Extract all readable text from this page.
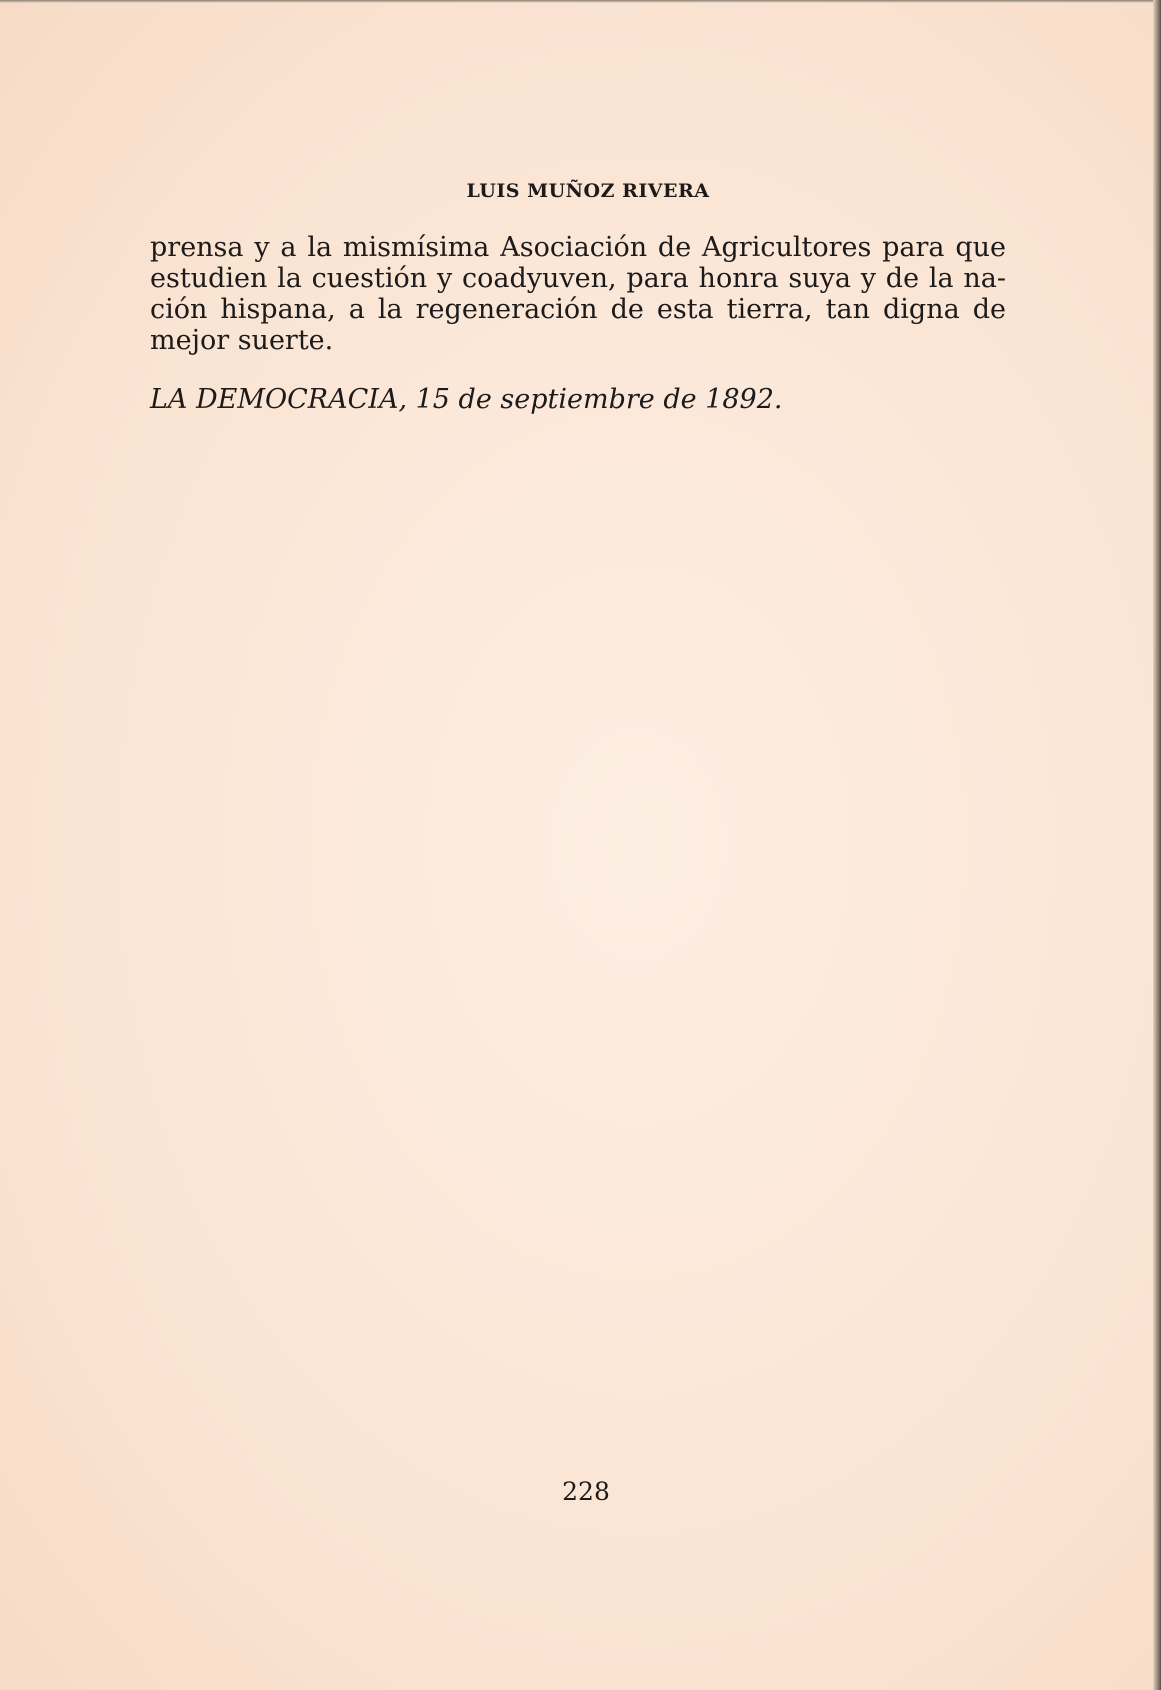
LUIS MUÑOZ RIVERA

prensa y a la mismísima Asociación de Agricultores para que
estudien la cuestión y coadyuven, para honra suya y de la na-
ción hispana, a la regeneración de esta tierra, tan digna de
mejor suerte.

LA DEMOCRACIA, 15 de septiembre de 1892.

228
